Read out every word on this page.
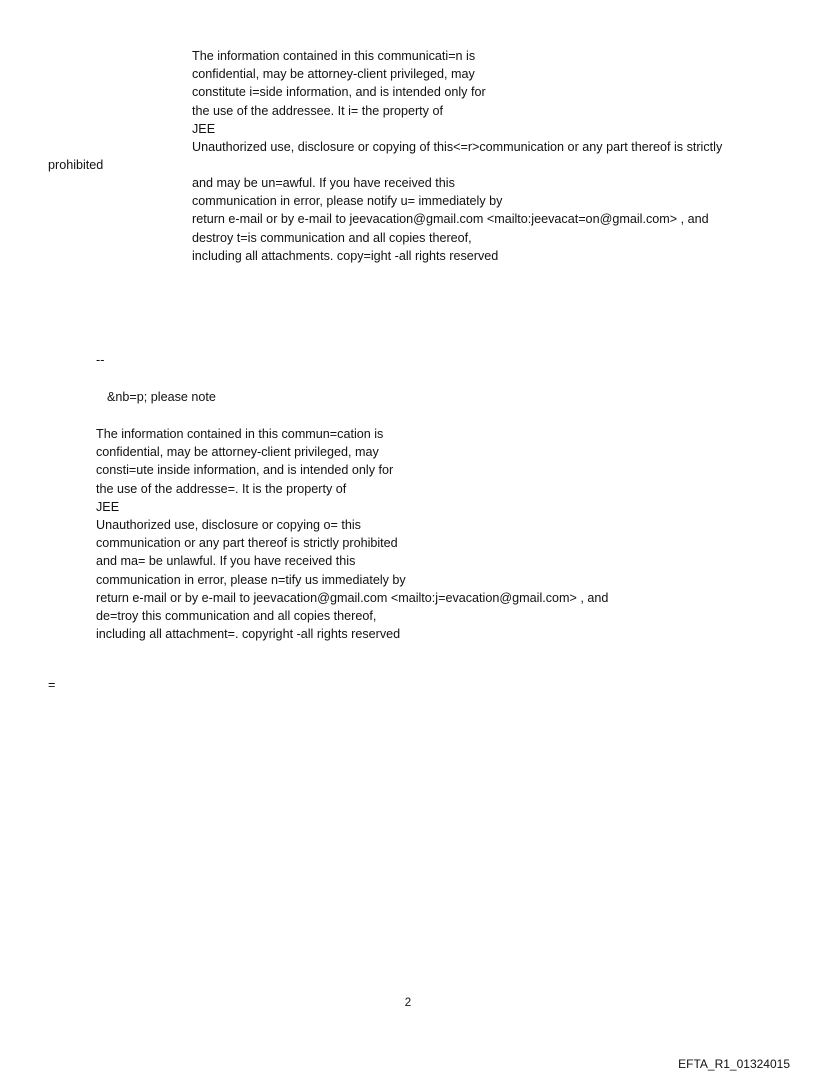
The information contained in this communicati=n is
confidential, may be attorney-client privileged, may
constitute i=side information, and is intended only for
the use of the addressee. It i= the property of
JEE
Unauthorized use, disclosure or copying of this<=r>communication or any part thereof is strictly
prohibited
and may be un=awful. If you have received this
communication in error, please notify u= immediately by
return e-mail or by e-mail to jeevacation@gmail.com <mailto:jeevacat=on@gmail.com> , and
destroy t=is communication and all copies thereof,
including all attachments. copy=ight -all rights reserved
--
&nb=p; please note
The information contained in this commun=cation is
confidential, may be attorney-client privileged, may
consti=ute inside information, and is intended only for
the use of the addresse=. It is the property of
JEE
Unauthorized use, disclosure or copying o= this
communication or any part thereof is strictly prohibited
and ma= be unlawful. If you have received this
communication in error, please n=tify us immediately by
return e-mail or by e-mail to jeevacation@gmail.com <mailto:j=evacation@gmail.com> , and
de=troy this communication and all copies thereof,
including all attachment=. copyright -all rights reserved
=
2
EFTA_R1_01324015
